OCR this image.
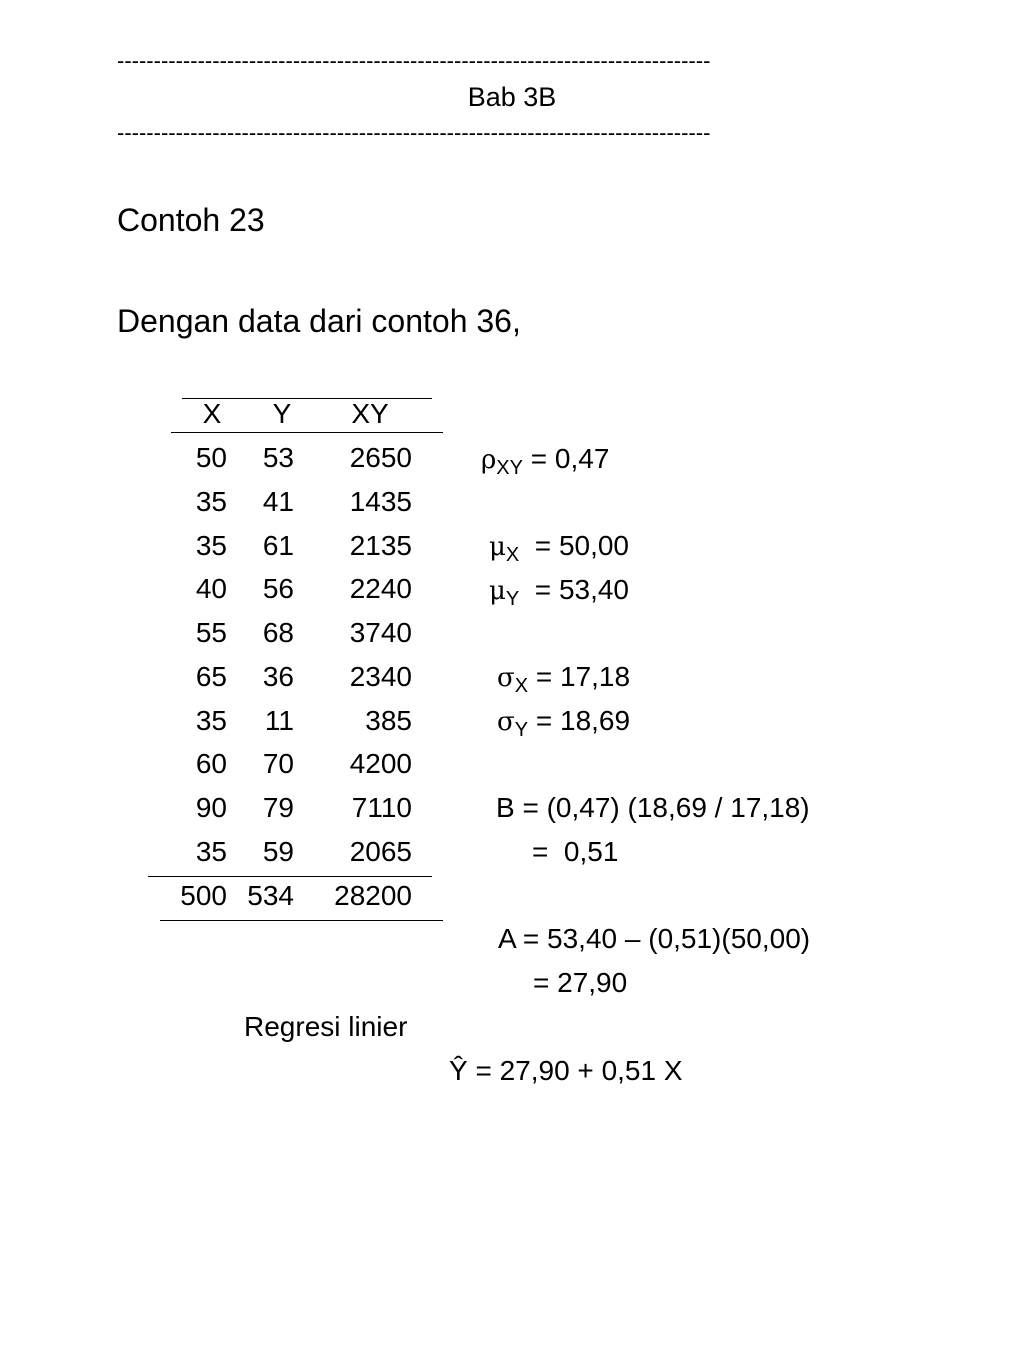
---------------------------------------------------------------------------------
Bab 3B
---------------------------------------------------------------------------------
Contoh 23
Dengan data dari contoh 36,
X	Y	XY
50	53	2650
35	41	1435
35	61	2135
40	56	2240
55	68	3740
65	36	2340
35	11	385
60	70	4200
90	79	7110
35	59	2065
500 534	28200
$\rho_{XY} = 0,47$
$\mu_X = 50,00$
$\mu_Y = 53,40$
$\sigma_X = 17,18$
$\sigma_Y = 18,69$
B = (0,47) (18,69 / 17,18)
=  0,51
A = 53,40 – (0,51)(50,00)
= 27,90
Regresi linier
Ŷ = 27,90 + 0,51 X
